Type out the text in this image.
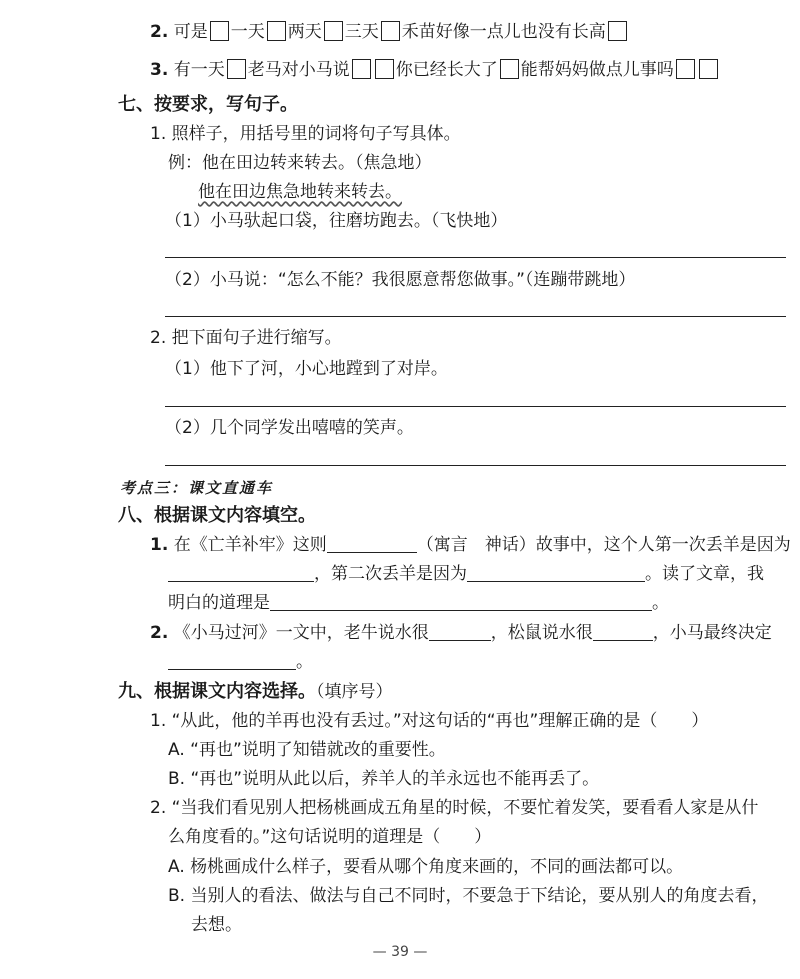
2. 可是 一天 两天 三天 禾苗好像一点儿也没有长高
3. 有一天 老马对小马说	你已经长大了 能帮妈妈做点儿事吗
七、按要求，写句子。
1. 照样子，用括号里的词将句子写具体。
例：他在田边转来转去。（焦急地）
他在田边焦急地转来转去。
（1）小马驮起口袋，往磨坊跑去。（飞快地）
（2）小马说：“怎么不能？我很愿意帮您做事。”（连蹦带跳地）
2. 把下面句子进行缩写。
（1）他下了河，小心地蹚到了对岸。
（2）几个同学发出嘻嘻的笑声。
考点三：课文直通车
八、根据课文内容填空。
1. 在《亡羊补牢》这则	（寓言　神话）故事中，这个人第一次丢羊是因为
，第二次丢羊是因为	。读了文章，我
明白的道理是	。
2. 《小马过河》一文中，老牛说水很	，松鼠说水很	，小马最终决定
。
九、根据课文内容选择。（填序号）
1. “从此，他的羊再也没有丢过。”对这句话的“再也”理解正确的是（　　）
A. “再也”说明了知错就改的重要性。
B. “再也”说明从此以后，养羊人的羊永远也不能再丢了。
2. “当我们看见别人把杨桃画成五角星的时候，不要忙着发笑，要看看人家是从什
么角度看的。”这句话说明的道理是（　　）
A. 杨桃画成什么样子，要看从哪个角度来画的，不同的画法都可以。
B. 当别人的看法、做法与自己不同时，不要急于下结论，要从别人的角度去看，
去想。
— 39 —
